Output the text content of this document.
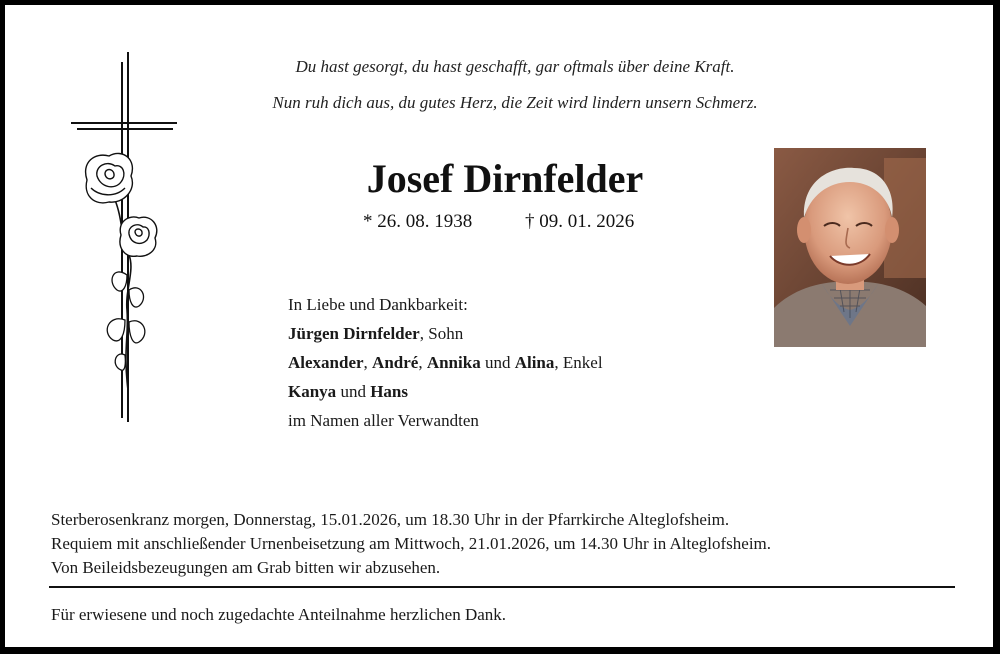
Du hast gesorgt, du hast geschafft, gar oftmals über deine Kraft.
Nun ruh dich aus, du gutes Herz, die Zeit wird lindern unsern Schmerz.
Josef Dirnfelder
* 26. 08. 1938	† 09. 01. 2026
In Liebe und Dankbarkeit:
Jürgen Dirnfelder, Sohn
Alexander, André, Annika und Alina, Enkel
Kanya und Hans
im Namen aller Verwandten
Sterberosenkranz morgen, Donnerstag, 15.01.2026, um 18.30 Uhr in der Pfarrkirche Alteglofsheim.
Requiem mit anschließender Urnenbeisetzung am Mittwoch, 21.01.2026, um 14.30 Uhr in Alteglofsheim.
Von Beileidsbezeugungen am Grab bitten wir abzusehen.
Für erwiesene und noch zugedachte Anteilnahme herzlichen Dank.
